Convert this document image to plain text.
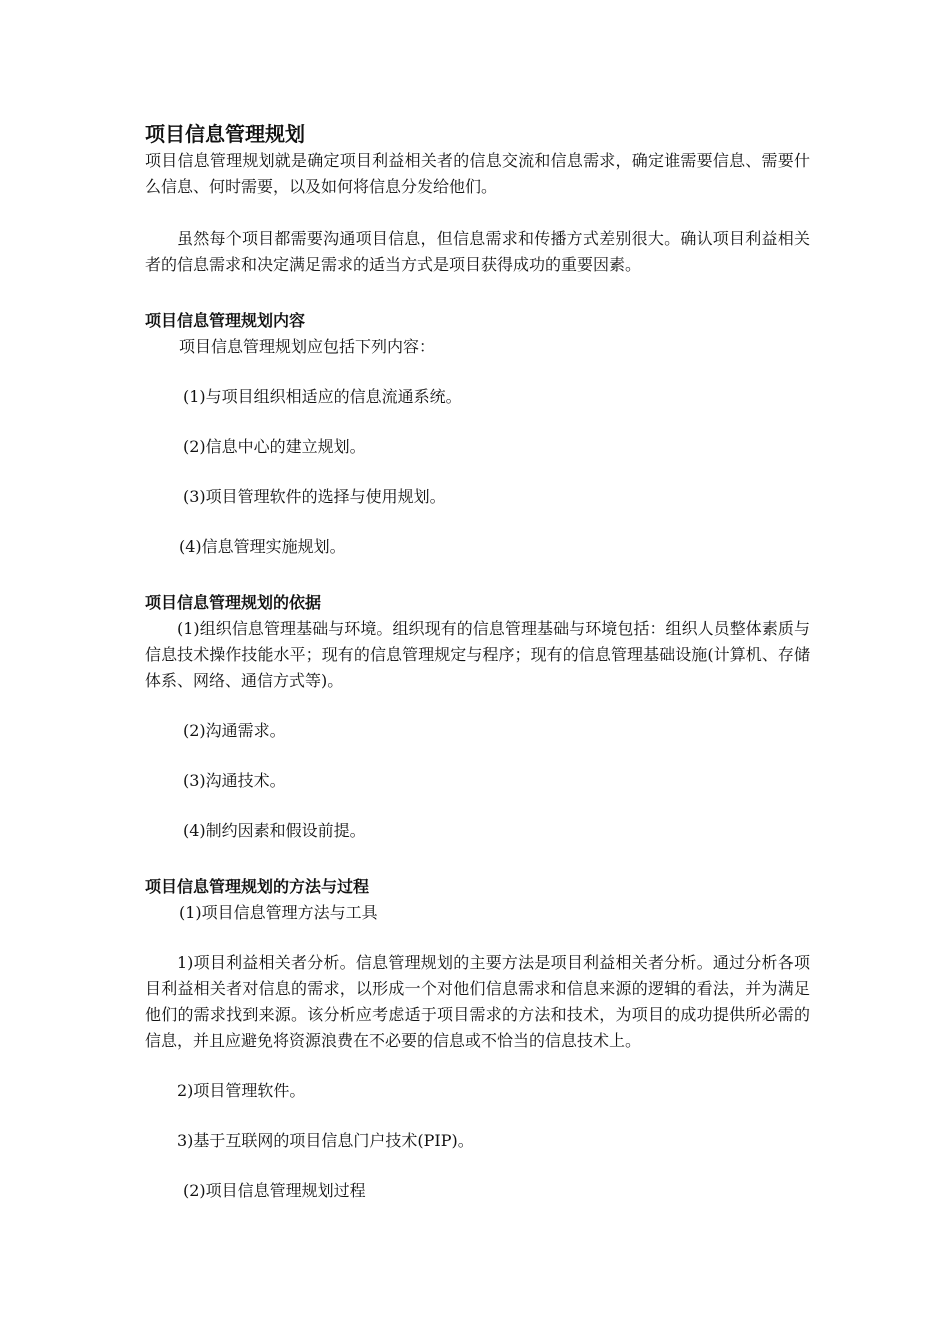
项目信息管理规划

项目信息管理规划就是确定项目利益相关者的信息交流和信息需求，确定谁需要信息、需要什么信息、何时需要，以及如何将信息分发给他们。

虽然每个项目都需要沟通项目信息，但信息需求和传播方式差别很大。确认项目利益相关者的信息需求和决定满足需求的适当方式是项目获得成功的重要因素。

项目信息管理规划内容

项目信息管理规划应包括下列内容：

(1)与项目组织相适应的信息流通系统。

(2)信息中心的建立规划。

(3)项目管理软件的选择与使用规划。

(4)信息管理实施规划。

项目信息管理规划的依据

(1)组织信息管理基础与环境。组织现有的信息管理基础与环境包括：组织人员整体素质与信息技术操作技能水平；现有的信息管理规定与程序；现有的信息管理基础设施(计算机、存储体系、网络、通信方式等)。

(2)沟通需求。

(3)沟通技术。

(4)制约因素和假设前提。

项目信息管理规划的方法与过程

(1)项目信息管理方法与工具

1)项目利益相关者分析。信息管理规划的主要方法是项目利益相关者分析。通过分析各项目利益相关者对信息的需求，以形成一个对他们信息需求和信息来源的逻辑的看法，并为满足他们的需求找到来源。该分析应考虑适于项目需求的方法和技术，为项目的成功提供所必需的信息，并且应避免将资源浪费在不必要的信息或不恰当的信息技术上。

2)项目管理软件。

3)基于互联网的项目信息门户技术(PIP)。

(2)项目信息管理规划过程
